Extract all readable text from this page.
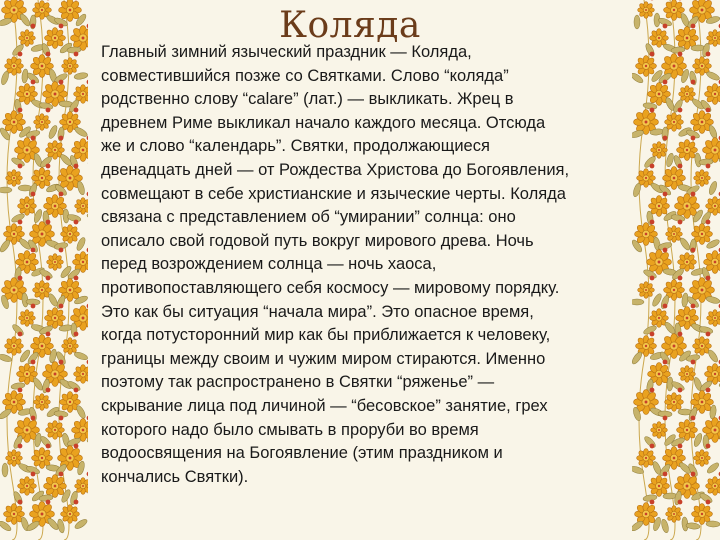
Коляда

Главный зимний языческий праздник — Коляда,
совместившийся позже со Святками. Слово “коляда”
родственно слову “calare” (лат.) — выкликать. Жрец в
древнем Риме выкликал начало каждого месяца. Отсюда
же и слово “календарь”. Святки, продолжающиеся
двенадцать дней — от Рождества Христова до Богоявления,
совмещают в себе христианские и языческие черты. Коляда
связана с представлением об “умирании” солнца: оно
описало свой годовой путь вокруг мирового древа. Ночь
перед возрождением солнца — ночь хаоса,
противопоставляющего себя космосу — мировому порядку.
Это как бы ситуация “начала мира”. Это опасное время,
когда потусторонний мир как бы приближается к человеку,
границы между своим и чужим миром стираются. Именно
поэтому так распространено в Святки “ряженье” —
скрывание лица под личиной — “бесовское” занятие, грех
которого надо было смывать в проруби во время
водоосвящения на Богоявление (этим праздником и
кончались Святки).
